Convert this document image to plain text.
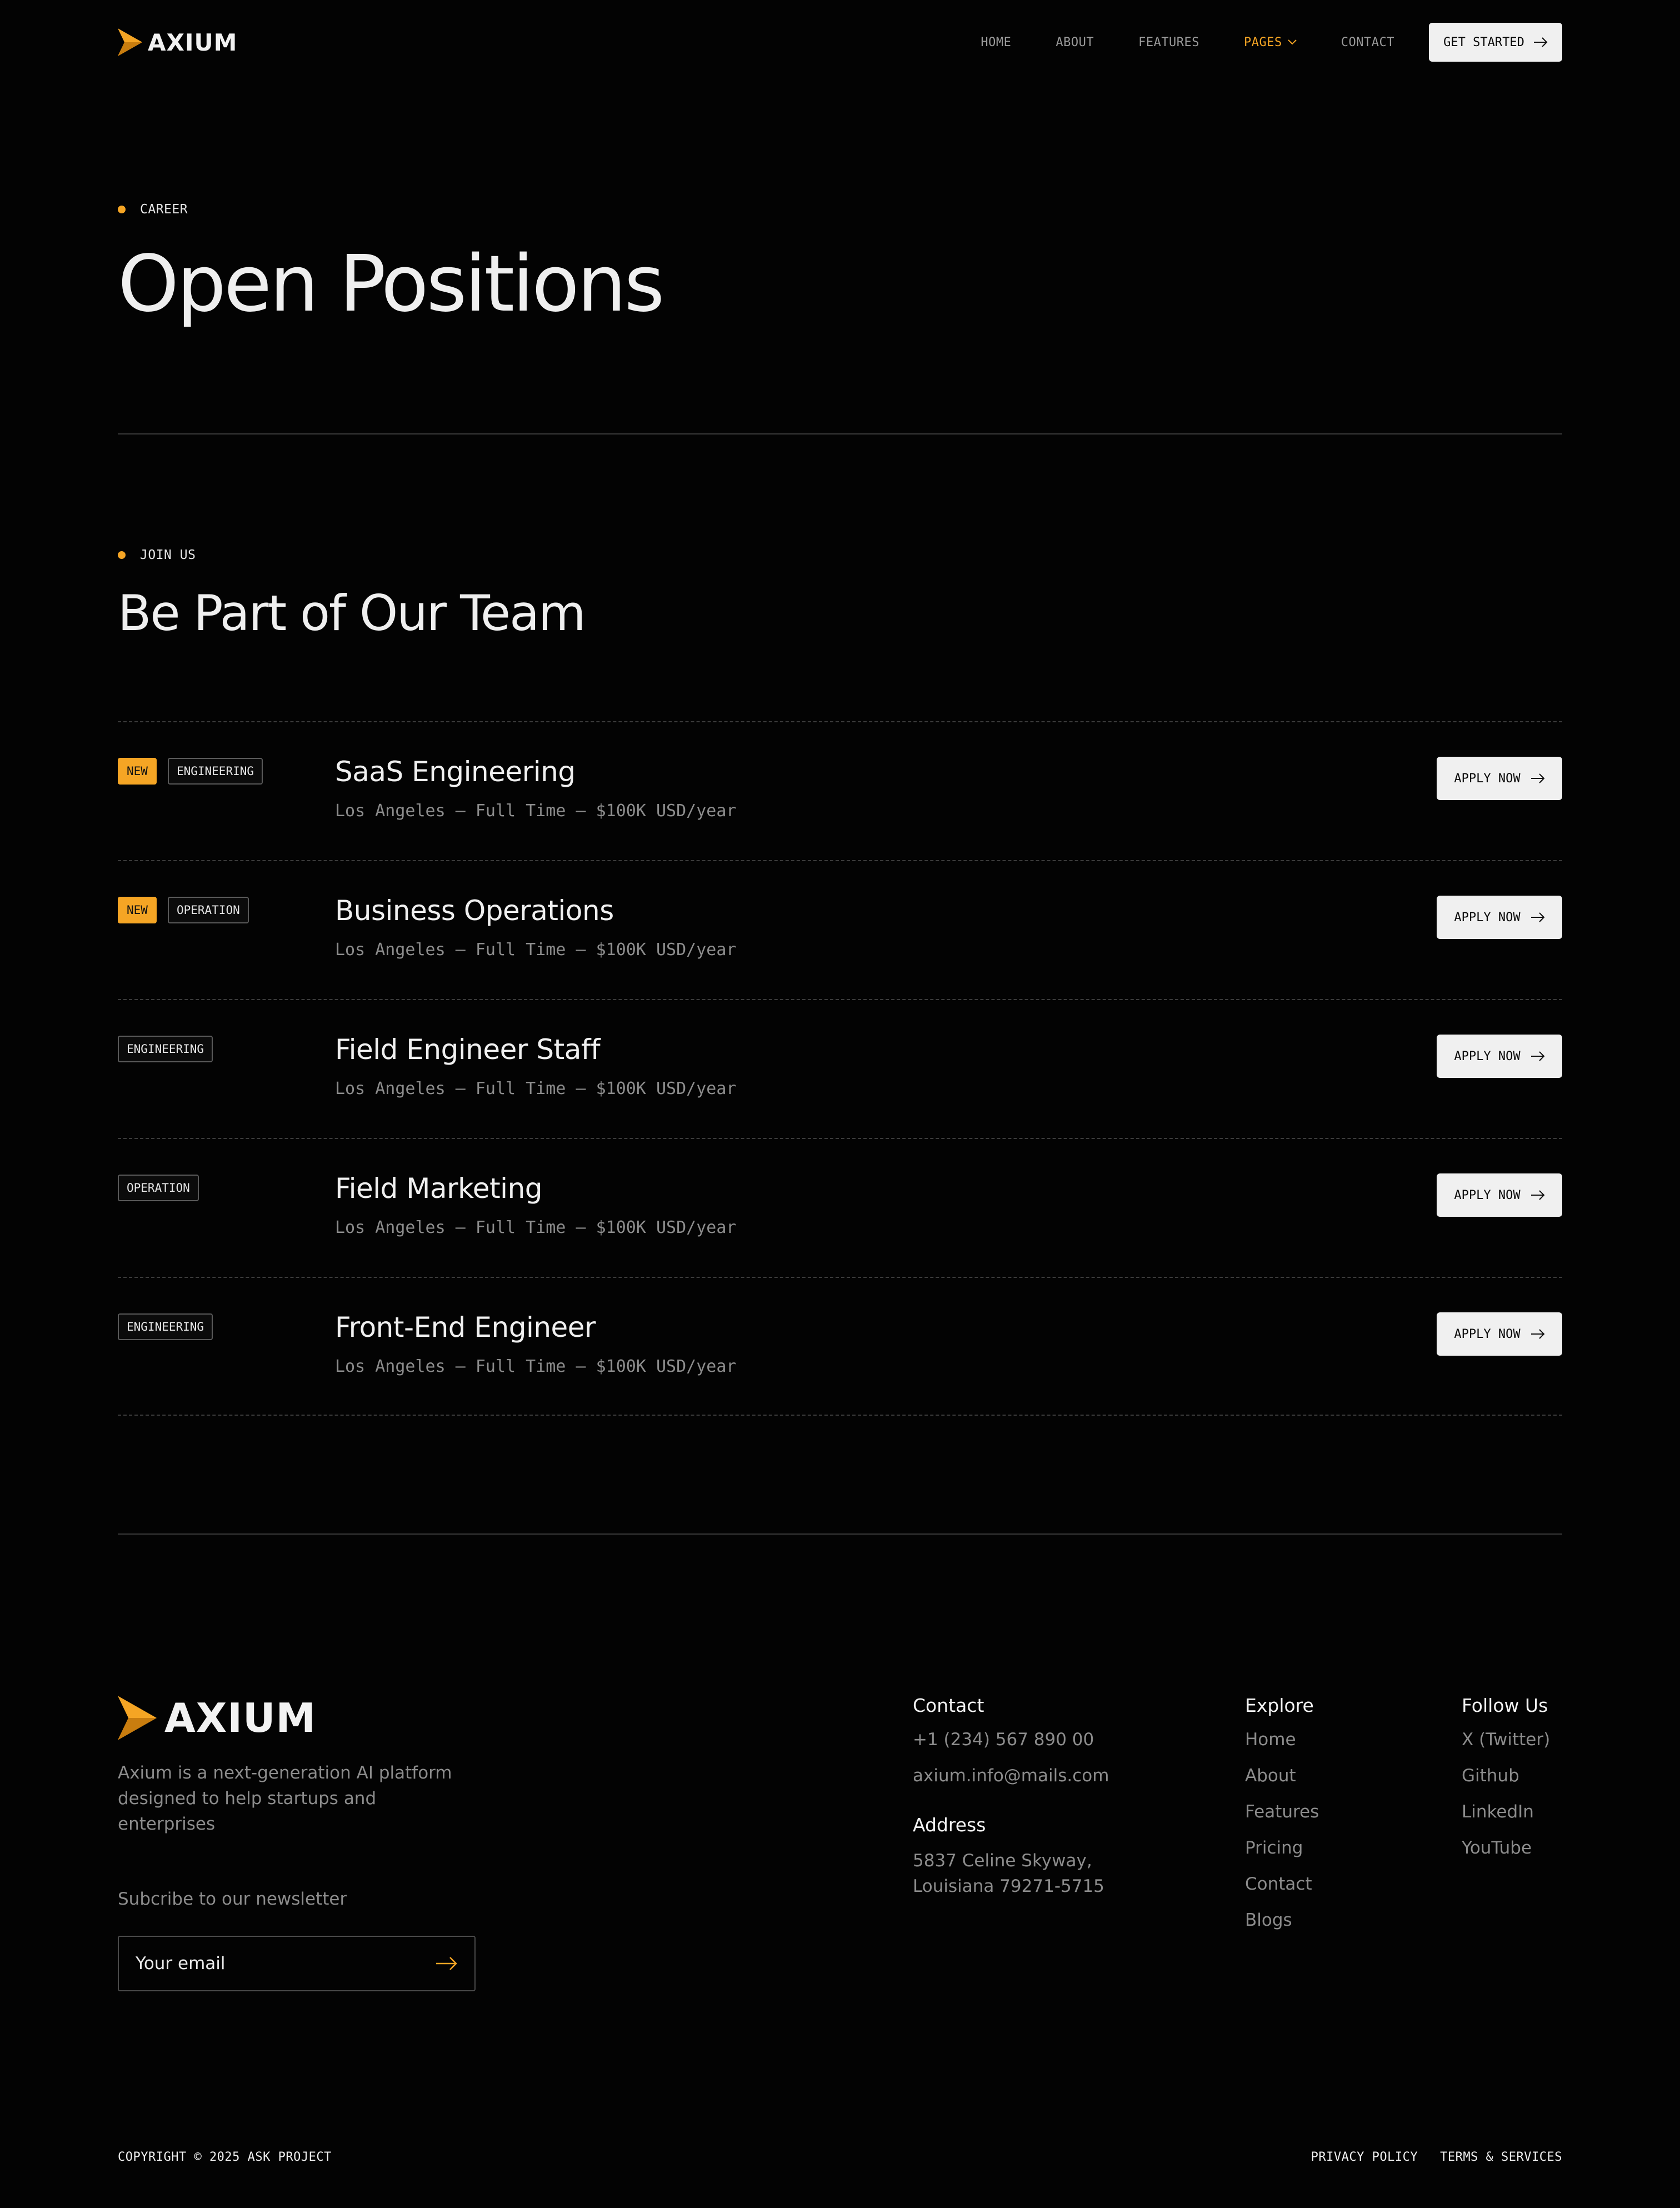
AXIUM	HOME	ABOUT	FEATURES	PAGES	CONTACT	GET STARTED
CAREER
Open Positions
JOIN US
Be Part of Our Team
NEW	ENGINEERING	SaaS Engineering
Los Angeles – Full Time – $100K USD/year
APPLY NOW
NEW	OPERATION	Business Operations
Los Angeles – Full Time – $100K USD/year
APPLY NOW
ENGINEERING	Field Engineer Staff
Los Angeles – Full Time – $100K USD/year
APPLY NOW
OPERATION	Field Marketing
Los Angeles – Full Time – $100K USD/year
APPLY NOW
ENGINEERING	Front-End Engineer
Los Angeles – Full Time – $100K USD/year
APPLY NOW
AXIUM

Axium is a next-generation AI platform designed to help startups and enterprises

Subcribe to our newsletter
Your email
Contact
+1 (234) 567 890 00
axium.info@mails.com
Address
5837 Celine Skyway,
Louisiana 79271-5715
Explore
Home
About
Features
Pricing
Contact
Blogs
Follow Us
X (Twitter)
Github
LinkedIn
YouTube
COPYRIGHT © 2025 ASK PROJECT	PRIVACY POLICY TERMS & SERVICES
